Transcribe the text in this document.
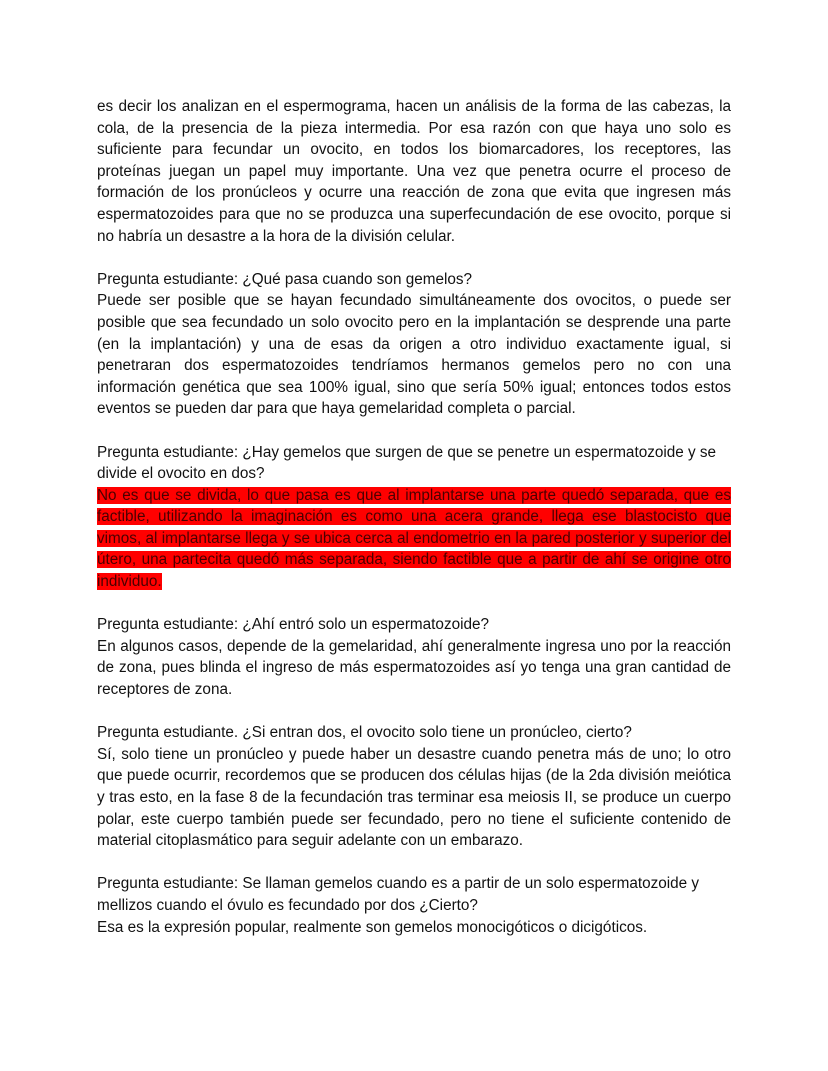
es decir los analizan en el espermograma, hacen un análisis de la forma de las cabezas, la cola, de la presencia de la pieza intermedia. Por esa razón con que haya uno solo es suficiente para fecundar un ovocito, en todos los biomarcadores, los receptores, las proteínas juegan un papel muy importante. Una vez que penetra ocurre el proceso de formación de los pronúcleos y ocurre una reacción de zona que evita que ingresen más espermatozoides para que no se produzca una superfecundación de ese ovocito, porque si no habría un desastre a la hora de la división celular.

Pregunta estudiante: ¿Qué pasa cuando son gemelos?

Puede ser posible que se hayan fecundado simultáneamente dos ovocitos, o puede ser posible que sea fecundado un solo ovocito pero en la implantación se desprende una parte (en la implantación) y una de esas da origen a otro individuo exactamente igual, si penetraran dos espermatozoides tendríamos hermanos gemelos pero no con una información genética que sea 100% igual, sino que sería 50% igual; entonces todos estos eventos se pueden dar para que haya gemelaridad completa o parcial.

Pregunta estudiante: ¿Hay gemelos que surgen de que se penetre un espermatozoide y se divide el ovocito en dos?

No es que se divida, lo que pasa es que al implantarse una parte quedó separada, que es factible, utilizando la imaginación es como una acera grande, llega ese blastocisto que vimos, al implantarse llega y se ubica cerca al endometrio en la pared posterior y superior del útero, una partecita quedó más separada, siendo factible que a partir de ahí se origine otro individuo.

Pregunta estudiante: ¿Ahí entró solo un espermatozoide?

En algunos casos, depende de la gemelaridad, ahí generalmente ingresa uno por la reacción de zona, pues blinda el ingreso de más espermatozoides así yo tenga una gran cantidad de receptores de zona.

Pregunta estudiante. ¿Si entran dos, el ovocito solo tiene un pronúcleo, cierto?

Sí, solo tiene un pronúcleo y puede haber un desastre cuando penetra más de uno; lo otro que puede ocurrir, recordemos que se producen dos células hijas (de la 2da división meiótica y tras esto, en la fase 8 de la fecundación tras terminar esa meiosis II, se produce un cuerpo polar, este cuerpo también puede ser fecundado, pero no tiene el suficiente contenido de material citoplasmático para seguir adelante con un embarazo.

Pregunta estudiante: Se llaman gemelos cuando es a partir de un solo espermatozoide y mellizos cuando el óvulo es fecundado por dos ¿Cierto?

Esa es la expresión popular, realmente son gemelos monocigóticos o dicigóticos.
